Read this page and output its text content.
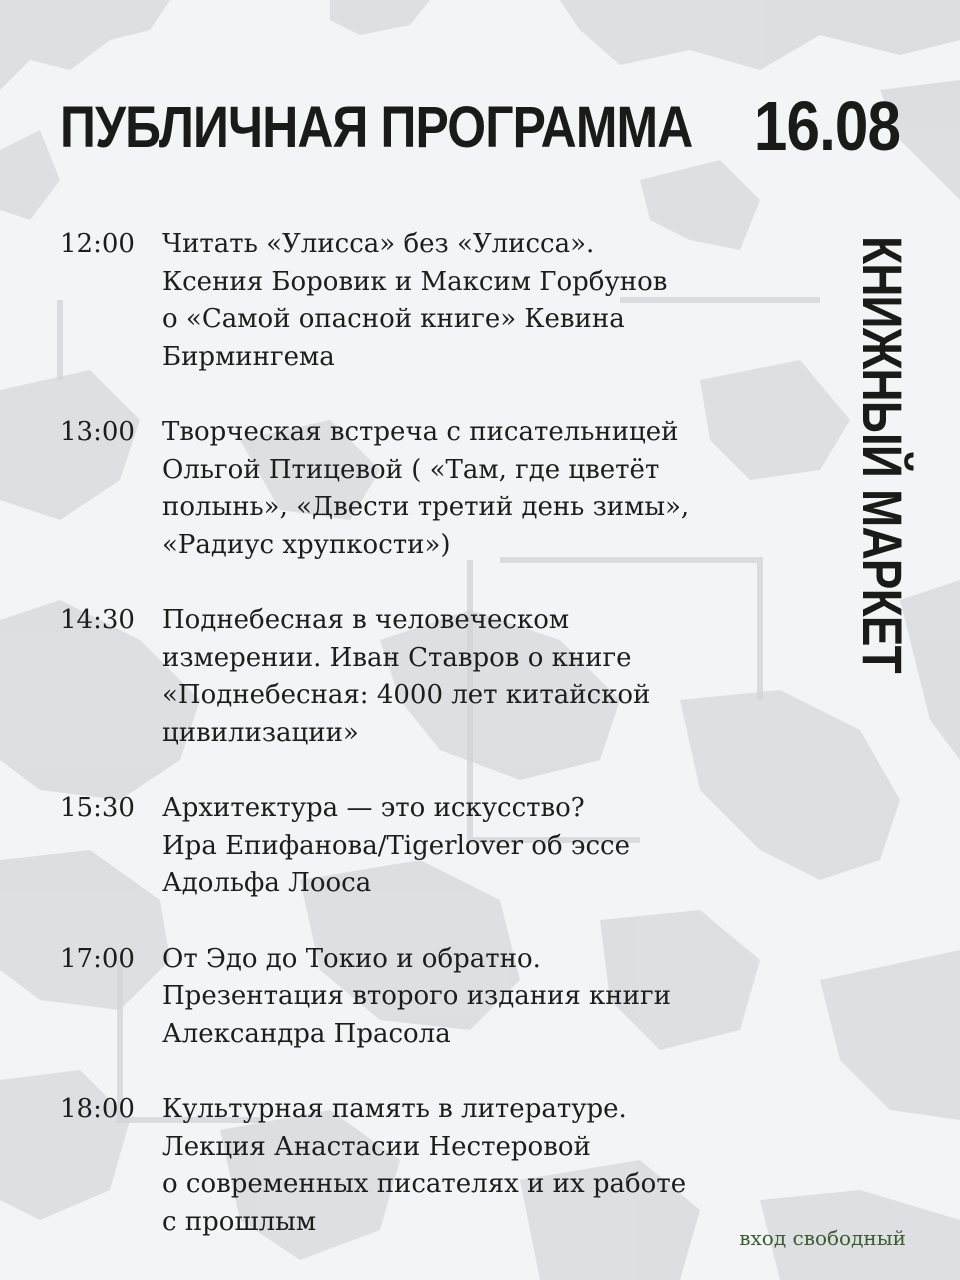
ПУБЛИЧНАЯ ПРОГРАММА 16.08
КНИЖНЫЙ МАРКЕТ
12:00	Читать «Улисса» без «Улисса».
Ксения Боровик и Максим Горбунов
о «Самой опасной книге» Кевина
Бирмингема
13:00	Творческая встреча с писательницей
Ольгой Птицевой ( «Там, где цветёт
полынь», «Двести третий день зимы»,
«Радиус хрупкости»)
14:30	Поднебесная в человеческом
измерении. Иван Ставров о книге
«Поднебесная: 4000 лет китайской
цивилизации»
15:30	Архитектура — это искусство?
Ира Епифанова/Tigerlover об эссе
Адольфа Лооса
17:00	От Эдо до Токио и обратно.
Презентация второго издания книги
Александра Прасола
18:00	Культурная память в литературе.
Лекция Анастасии Нестеровой
о современных писателях и их работе
с прошлым
вход свободный
